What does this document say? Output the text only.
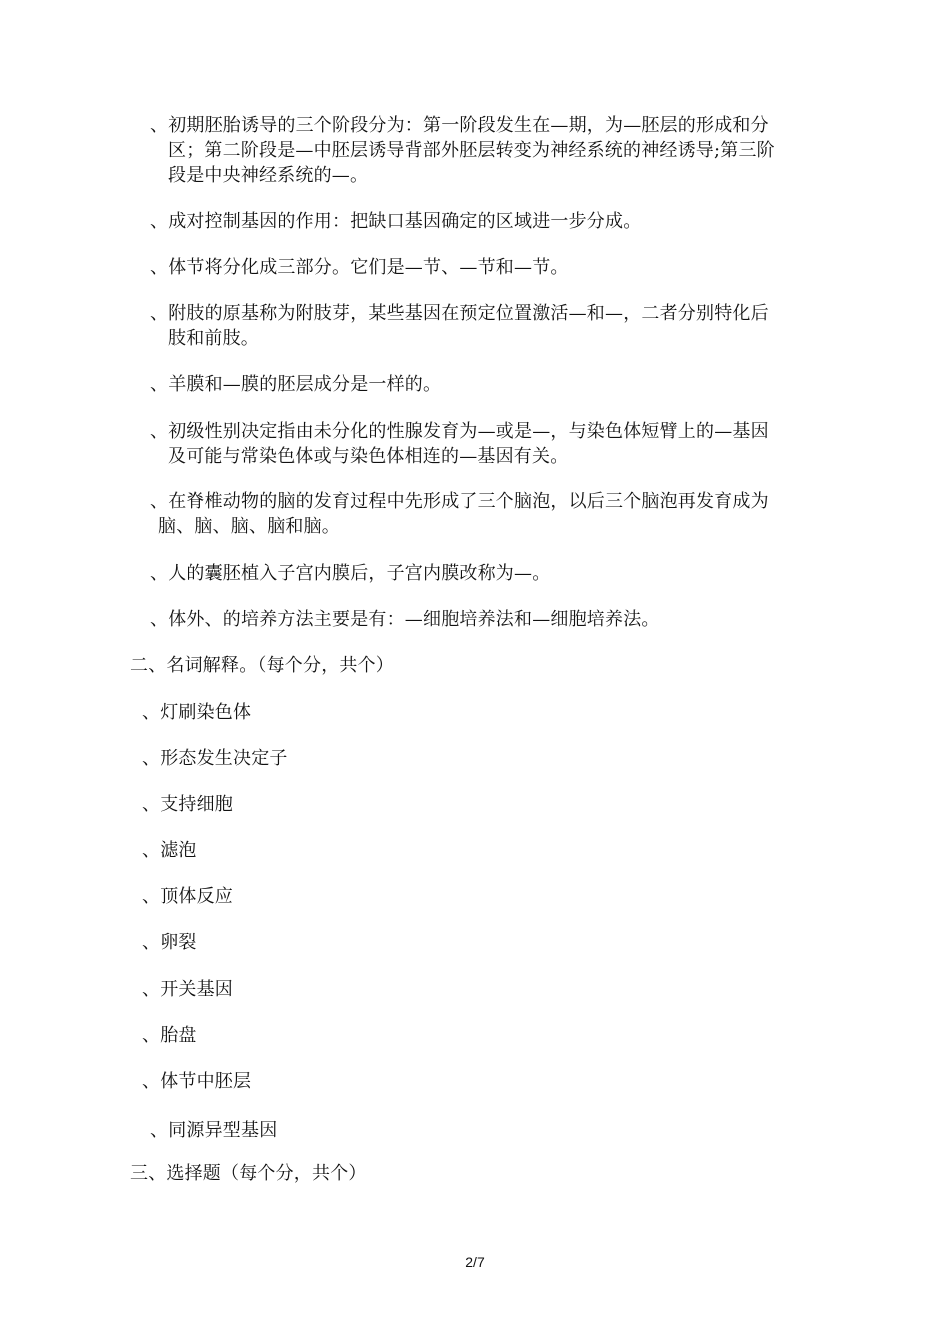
、初期胚胎诱导的三个阶段分为：第一阶段发生在—期，为—胚层的形成和分
区；第二阶段是—中胚层诱导背部外胚层转变为神经系统的神经诱导;第三阶
段是中央神经系统的—。
、成对控制基因的作用：把缺口基因确定的区域进一步分成。
、体节将分化成三部分。它们是—节、—节和—节。
、附肢的原基称为附肢芽，某些基因在预定位置激活—和—，二者分别特化后
肢和前肢。
、羊膜和—膜的胚层成分是一样的。
、初级性别决定指由未分化的性腺发育为—或是—，与染色体短臂上的—基因
及可能与常染色体或与染色体相连的—基因有关。
、在脊椎动物的脑的发育过程中先形成了三个脑泡，以后三个脑泡再发育成为
脑、脑、脑、脑和脑。
、人的囊胚植入子宫内膜后，子宫内膜改称为—。
、体外、的培养方法主要是有：—细胞培养法和—细胞培养法。
二、名词解释。（每个分，共个）
、灯刷染色体
、形态发生决定子
、支持细胞
、滤泡
、顶体反应
、卵裂
、开关基因
、胎盘
、体节中胚层
、同源异型基因
三、选择题（每个分，共个）
2/7
